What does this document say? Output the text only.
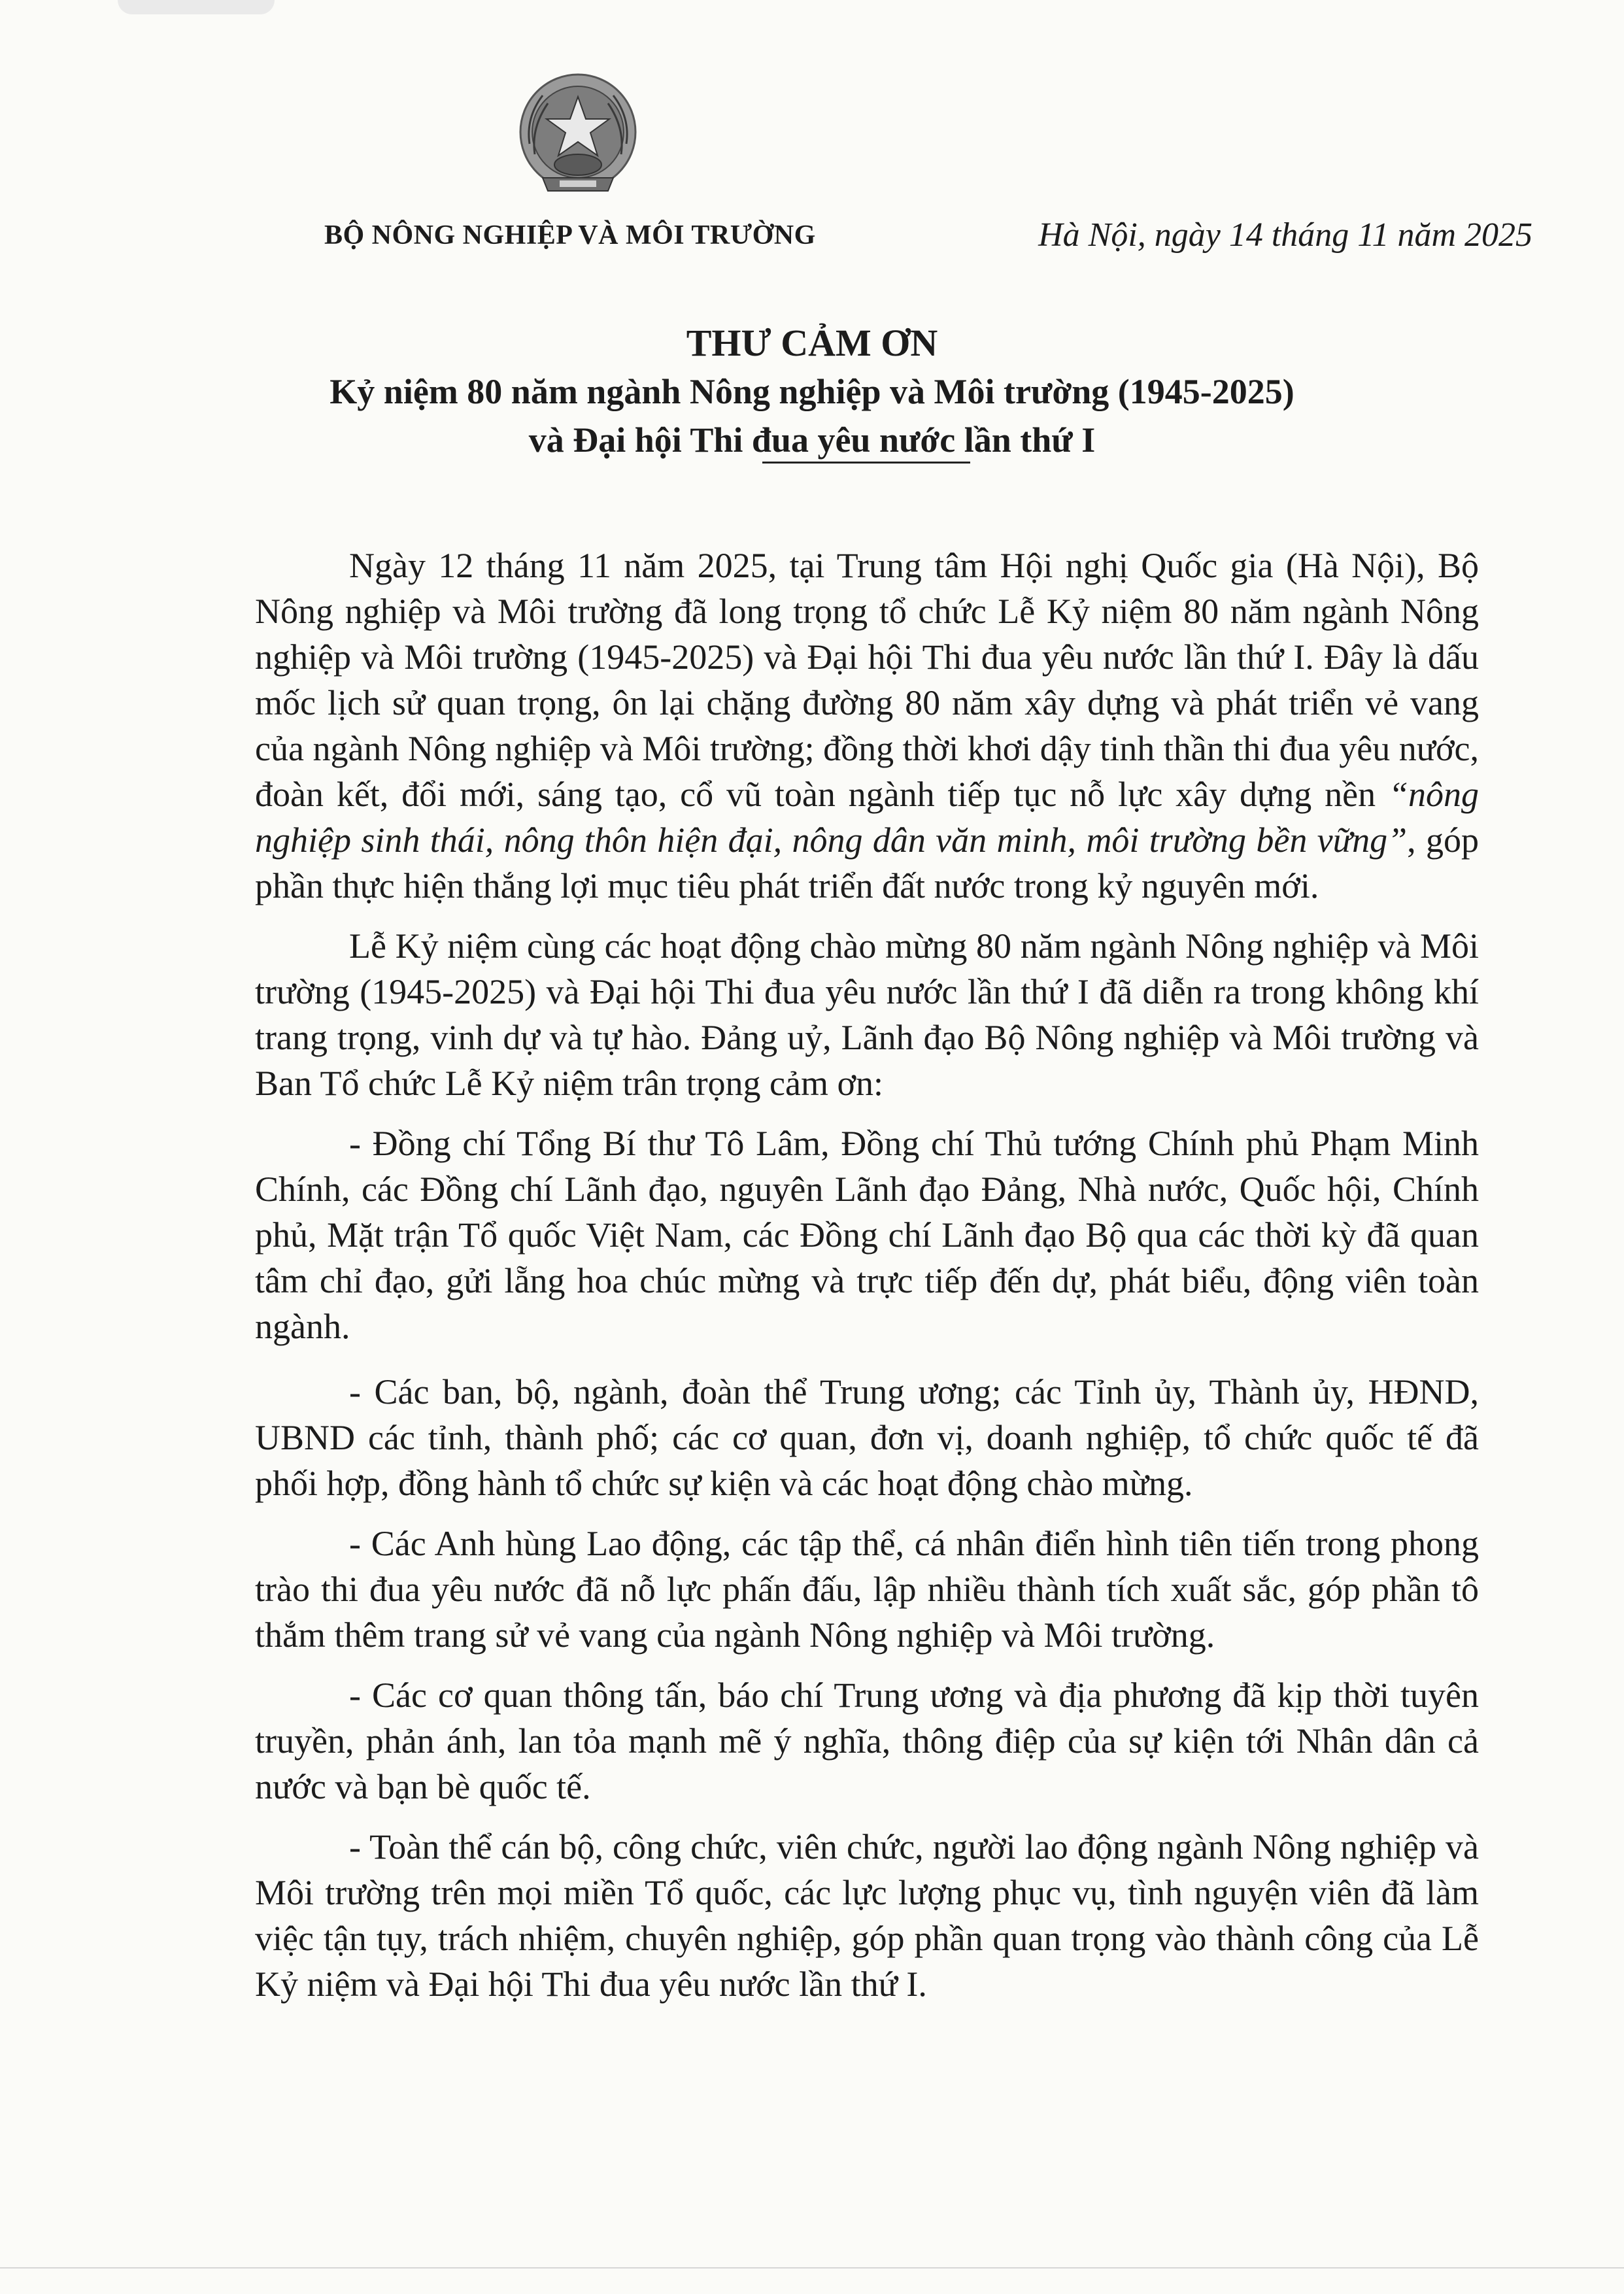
BỘ NÔNG NGHIỆP VÀ MÔI TRƯỜNG	Hà Nội, ngày 14 tháng 11 năm 2025
THƯ CẢM ƠN
Kỷ niệm 80 năm ngành Nông nghiệp và Môi trường (1945-2025)
và Đại hội Thi đua yêu nước lần thứ I

Ngày 12 tháng 11 năm 2025, tại Trung tâm Hội nghị Quốc gia (Hà Nội), Bộ Nông nghiệp và Môi trường đã long trọng tổ chức Lễ Kỷ niệm 80 năm ngành Nông nghiệp và Môi trường (1945-2025) và Đại hội Thi đua yêu nước lần thứ I. Đây là dấu mốc lịch sử quan trọng, ôn lại chặng đường 80 năm xây dựng và phát triển vẻ vang của ngành Nông nghiệp và Môi trường; đồng thời khơi dậy tinh thần thi đua yêu nước, đoàn kết, đổi mới, sáng tạo, cổ vũ toàn ngành tiếp tục nỗ lực xây dựng nền “nông nghiệp sinh thái, nông thôn hiện đại, nông dân văn minh, môi trường bền vững”, góp phần thực hiện thắng lợi mục tiêu phát triển đất nước trong kỷ nguyên mới.

Lễ Kỷ niệm cùng các hoạt động chào mừng 80 năm ngành Nông nghiệp và Môi trường (1945-2025) và Đại hội Thi đua yêu nước lần thứ I đã diễn ra trong không khí trang trọng, vinh dự và tự hào. Đảng uỷ, Lãnh đạo Bộ Nông nghiệp và Môi trường và Ban Tổ chức Lễ Kỷ niệm trân trọng cảm ơn:

- Đồng chí Tổng Bí thư Tô Lâm, Đồng chí Thủ tướng Chính phủ Phạm Minh Chính, các Đồng chí Lãnh đạo, nguyên Lãnh đạo Đảng, Nhà nước, Quốc hội, Chính phủ, Mặt trận Tổ quốc Việt Nam, các Đồng chí Lãnh đạo Bộ qua các thời kỳ đã quan tâm chỉ đạo, gửi lẵng hoa chúc mừng và trực tiếp đến dự, phát biểu, động viên toàn ngành.

- Các ban, bộ, ngành, đoàn thể Trung ương; các Tỉnh ủy, Thành ủy, HĐND, UBND các tỉnh, thành phố; các cơ quan, đơn vị, doanh nghiệp, tổ chức quốc tế đã phối hợp, đồng hành tổ chức sự kiện và các hoạt động chào mừng.

- Các Anh hùng Lao động, các tập thể, cá nhân điển hình tiên tiến trong phong trào thi đua yêu nước đã nỗ lực phấn đấu, lập nhiều thành tích xuất sắc, góp phần tô thắm thêm trang sử vẻ vang của ngành Nông nghiệp và Môi trường.

- Các cơ quan thông tấn, báo chí Trung ương và địa phương đã kịp thời tuyên truyền, phản ánh, lan tỏa mạnh mẽ ý nghĩa, thông điệp của sự kiện tới Nhân dân cả nước và bạn bè quốc tế.

- Toàn thể cán bộ, công chức, viên chức, người lao động ngành Nông nghiệp và Môi trường trên mọi miền Tổ quốc, các lực lượng phục vụ, tình nguyện viên đã làm việc tận tụy, trách nhiệm, chuyên nghiệp, góp phần quan trọng vào thành công của Lễ Kỷ niệm và Đại hội Thi đua yêu nước lần thứ I.
